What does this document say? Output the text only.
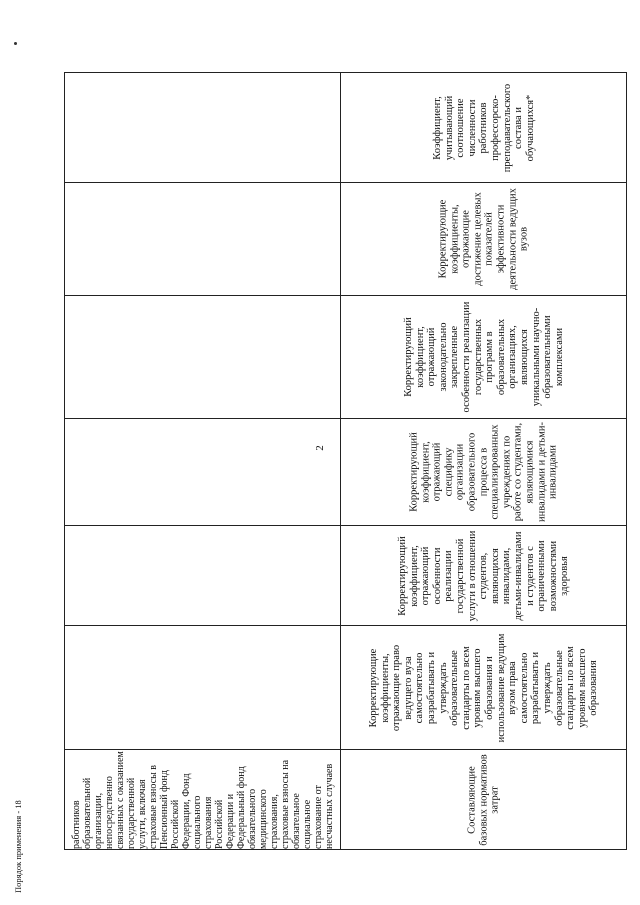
2

	Коэффициент, учитывающий соотношение численности работников профессорско-преподавательского состава и обучающихся*

	Корректирующие коэффициенты, отражающие достижение целевых показателей эффективности деятельности ведущих вузов

	Корректирующий коэффициент, отражающий законодательно закрепленные особенности реализации государственных программ в образовательных организациях, являющихся уникальными научно-образовательными комплексами

	Корректирующий коэффициент, отражающий специфику организации образовательного процесса в специализированных учреждениях по работе со студентами, являющимися инвалидами и детьми-инвалидами

	Корректирующий коэффициент, отражающий особенности реализации государственной услуги в отношении студентов, являющихся инвалидами, детьми-инвалидами и студентов с ограниченными возможностями здоровья

	Корректирующие коэффициенты, отражающие право ведущего вуза самостоятельно разрабатывать и утверждать образовательные стандарты по всем уровням высшего образования и использование ведущим вузом права самостоятельно разрабатывать и утверждать образовательные стандарты по всем уровням высшего образования

работников образовательной организации, непосредственно связанных с оказанием государственной услуги, включая страховые взносы в Пенсионный фонд Российской Федерации, Фонд социального страхования Российской Федерации и Федеральный фонд обязательного медицинского страхования, страховые взносы на обязательное социальное страхование от несчастных случаев	Составляющие базовых нормативов затрат
Порядок применения - 18
